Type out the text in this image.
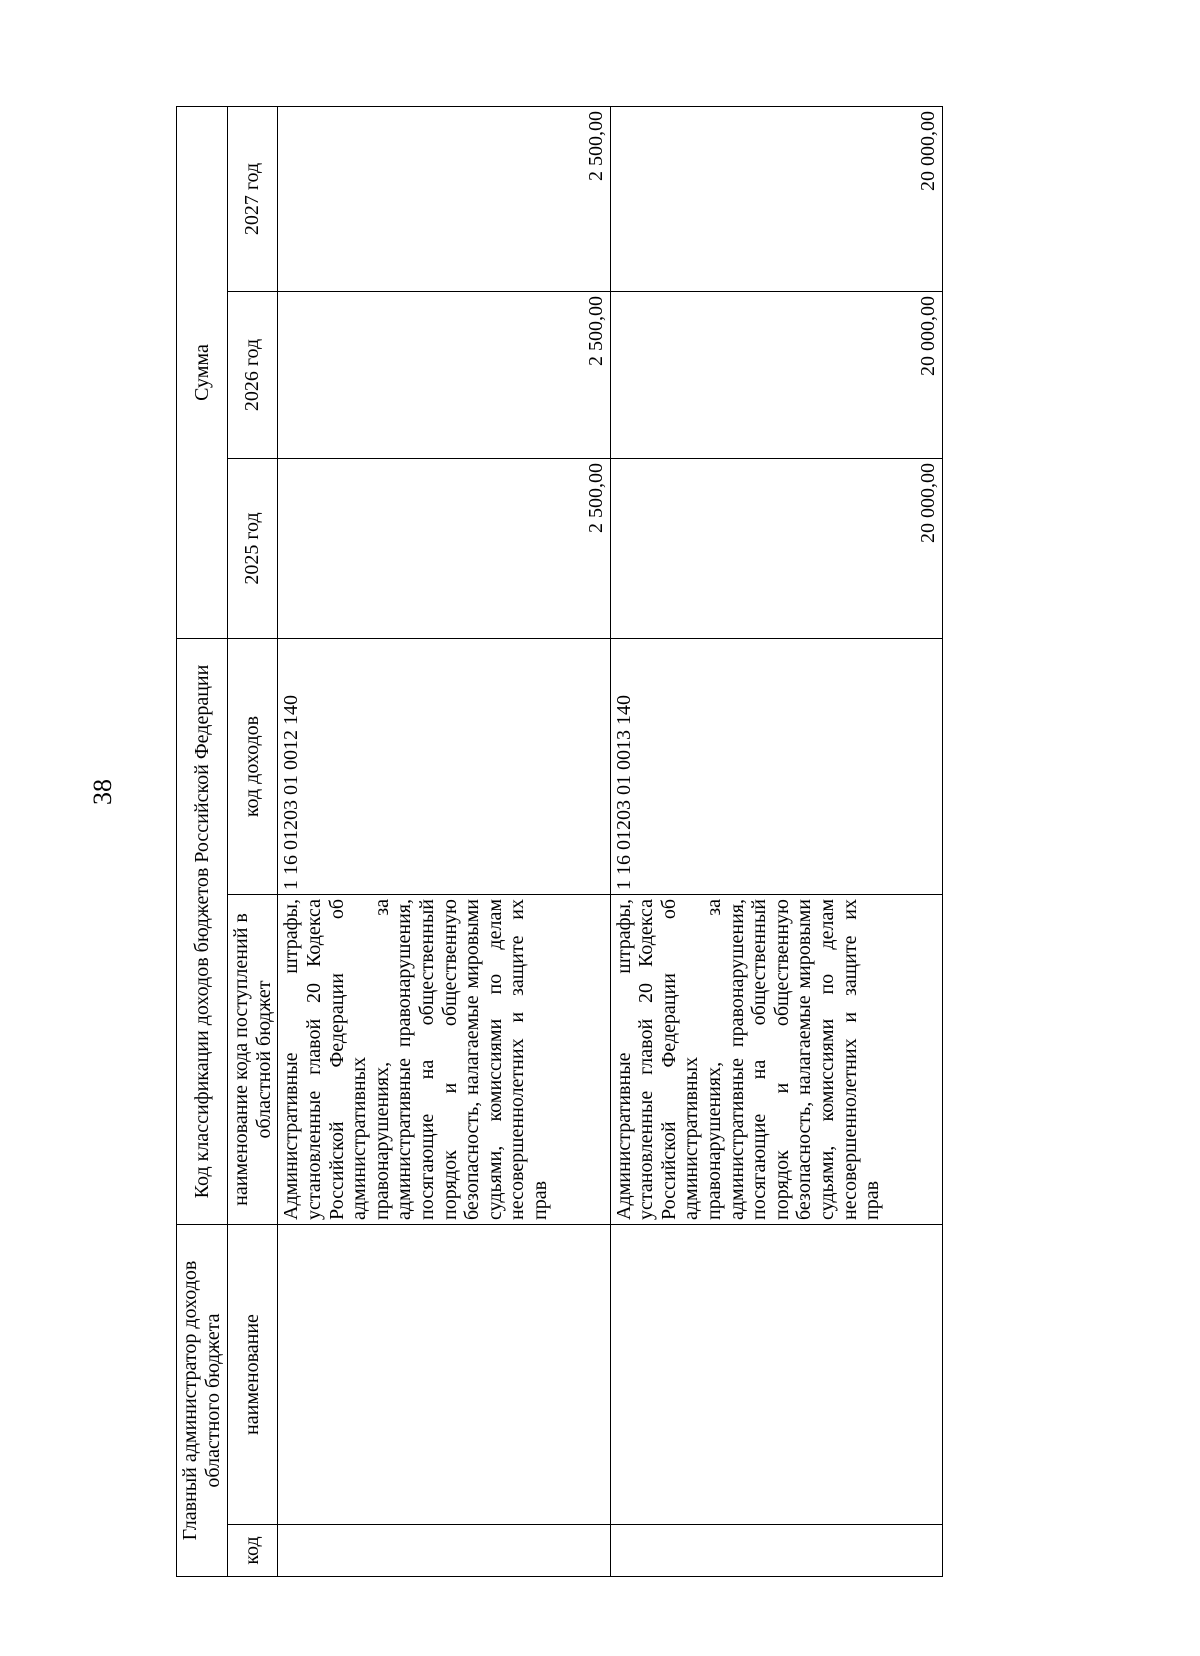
38
Главный администратор доходов областного бюджета		Код классификации доходов бюджетов Российской Федерации		Сумма		
код	наименование	наименование кода поступлений в областной бюджет	код доходов	2025 год	2026 год	2027 год
		Административные штрафы, установленные главой 20 Кодекса Российской Федерации об административных правонарушениях, за административные правонарушения, посягающие на общественный порядок и общественную безопасность, налагаемые мировыми судьями, комиссиями по делам несовершеннолетних и защите их прав	1 16 01203 01 0012 140	2 500,00	2 500,00	2 500,00
		Административные штрафы, установленные главой 20 Кодекса Российской Федерации об административных правонарушениях, за административные правонарушения, посягающие на общественный порядок и общественную безопасность, налагаемые мировыми судьями, комиссиями по делам несовершеннолетних и защите их прав	1 16 01203 01 0013 140	20 000,00	20 000,00	20 000,00
